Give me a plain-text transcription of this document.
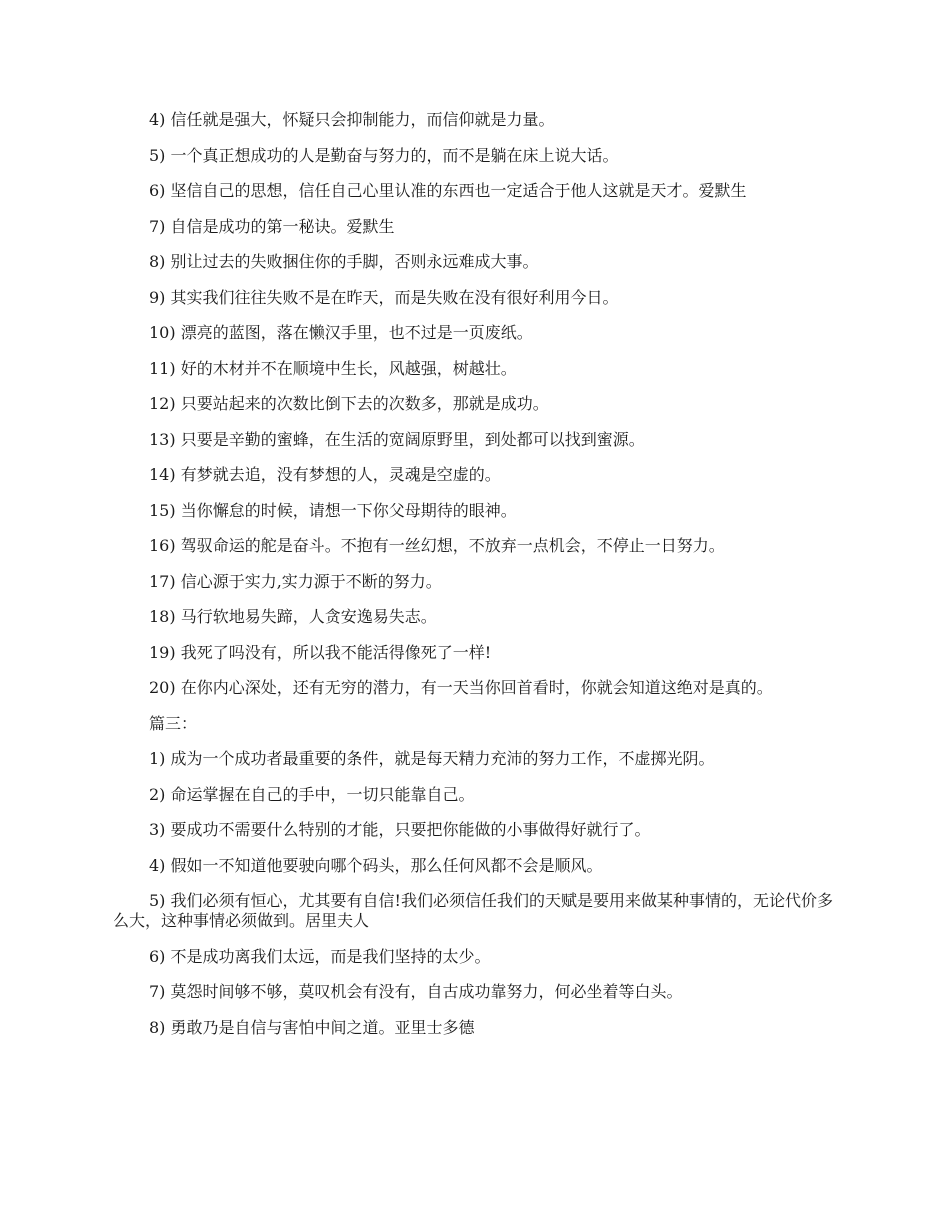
4) 信任就是强大，怀疑只会抑制能力，而信仰就是力量。

5) 一个真正想成功的人是勤奋与努力的，而不是躺在床上说大话。

6) 坚信自己的思想，信任自己心里认准的东西也一定适合于他人这就是天才。爱默生

7) 自信是成功的第一秘诀。爱默生

8) 别让过去的失败捆住你的手脚，否则永远难成大事。

9) 其实我们往往失败不是在昨天，而是失败在没有很好利用今日。

10) 漂亮的蓝图，落在懒汉手里，也不过是一页废纸。

11) 好的木材并不在顺境中生长，风越强，树越壮。

12) 只要站起来的次数比倒下去的次数多，那就是成功。

13) 只要是辛勤的蜜蜂，在生活的宽阔原野里，到处都可以找到蜜源。

14) 有梦就去追，没有梦想的人，灵魂是空虚的。

15) 当你懈怠的时候，请想一下你父母期待的眼神。

16) 驾驭命运的舵是奋斗。不抱有一丝幻想，不放弃一点机会，不停止一日努力。

17) 信心源于实力,实力源于不断的努力。

18) 马行软地易失蹄，人贪安逸易失志。

19) 我死了吗没有，所以我不能活得像死了一样!

20) 在你内心深处，还有无穷的潜力，有一天当你回首看时，你就会知道这绝对是真的。

篇三：

1) 成为一个成功者最重要的条件，就是每天精力充沛的努力工作，不虚掷光阴。

2) 命运掌握在自己的手中，一切只能靠自己。

3) 要成功不需要什么特别的才能，只要把你能做的小事做得好就行了。

4) 假如一不知道他要驶向哪个码头，那么任何风都不会是顺风。

5) 我们必须有恒心，尤其要有自信!我们必须信任我们的天赋是要用来做某种事情的，无论代价多么大，这种事情必须做到。居里夫人

6) 不是成功离我们太远，而是我们坚持的太少。

7) 莫怨时间够不够，莫叹机会有没有，自古成功靠努力，何必坐着等白头。

8) 勇敢乃是自信与害怕中间之道。亚里士多德
